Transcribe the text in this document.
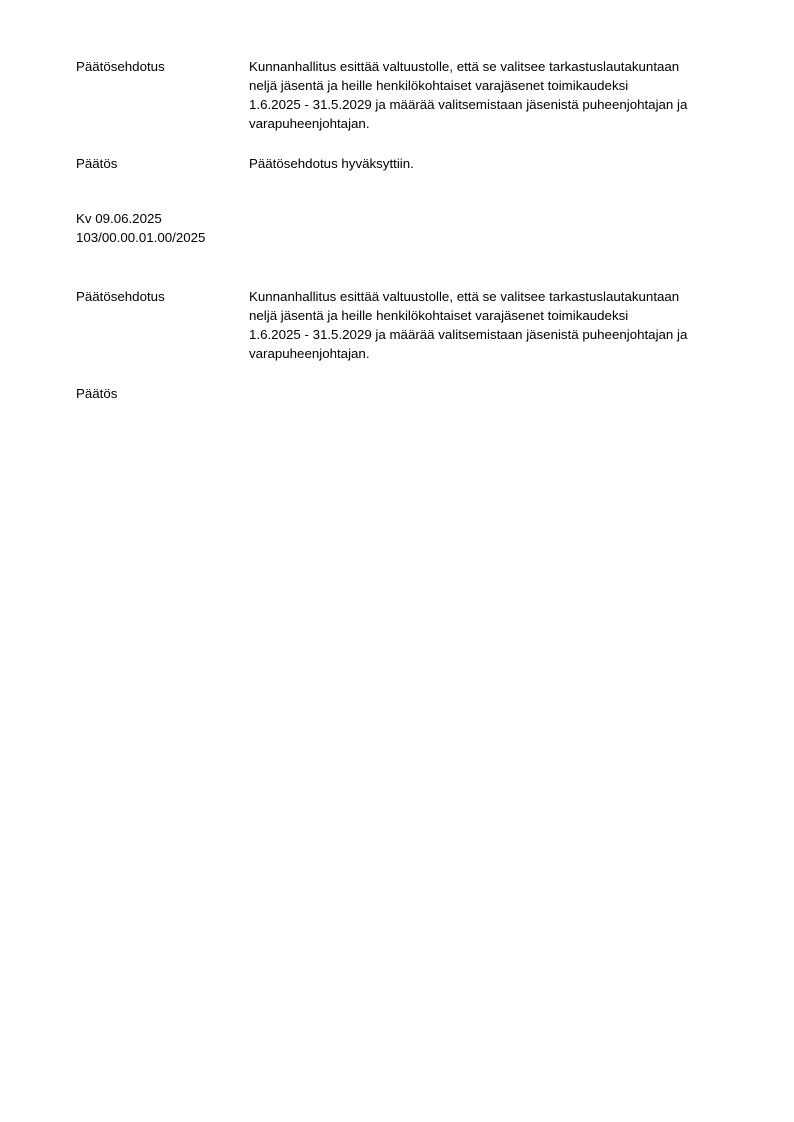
Päätösehdotus	Kunnanhallitus esittää valtuustolle, että se valitsee tarkastuslautakuntaan
neljä jäsentä ja heille henkilökohtaiset varajäsenet toimikaudeksi
1.6.2025 - 31.5.2029 ja määrää valitsemistaan jäsenistä puheenjohtajan ja
varapuheenjohtajan.
Päätös	Päätösehdotus hyväksyttiin.
Kv 09.06.2025
103/00.00.01.00/2025
Päätösehdotus	Kunnanhallitus esittää valtuustolle, että se valitsee tarkastuslautakuntaan
neljä jäsentä ja heille henkilökohtaiset varajäsenet toimikaudeksi
1.6.2025 - 31.5.2029 ja määrää valitsemistaan jäsenistä puheenjohtajan ja
varapuheenjohtajan.
Päätös
